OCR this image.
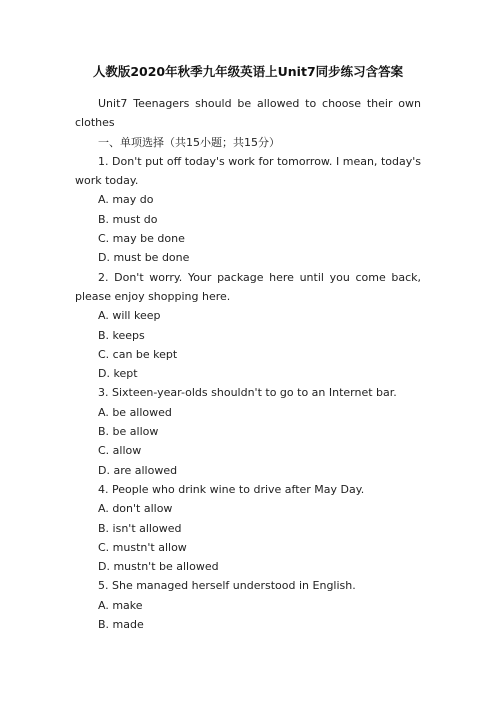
人教版2020年秋季九年级英语上Unit7同步练习含答案

Unit7 Teenagers should be allowed to choose their own clothes

一、单项选择（共15小题；共15分）

1. Don't put off today's work for tomorrow. I mean, today's work today.

A. may do

B. must do

C. may be done

D. must be done

2. Don't worry. Your package here until you come back, please enjoy shopping here.

A. will keep

B. keeps

C. can be kept

D. kept

3. Sixteen-year-olds shouldn't to go to an Internet bar.

A. be allowed

B. be allow

C. allow

D. are allowed

4. People who drink wine to drive after May Day.

A. don't allow

B. isn't allowed

C. mustn't allow

D. mustn't be allowed

5. She managed herself understood in English.

A. make

B. made
